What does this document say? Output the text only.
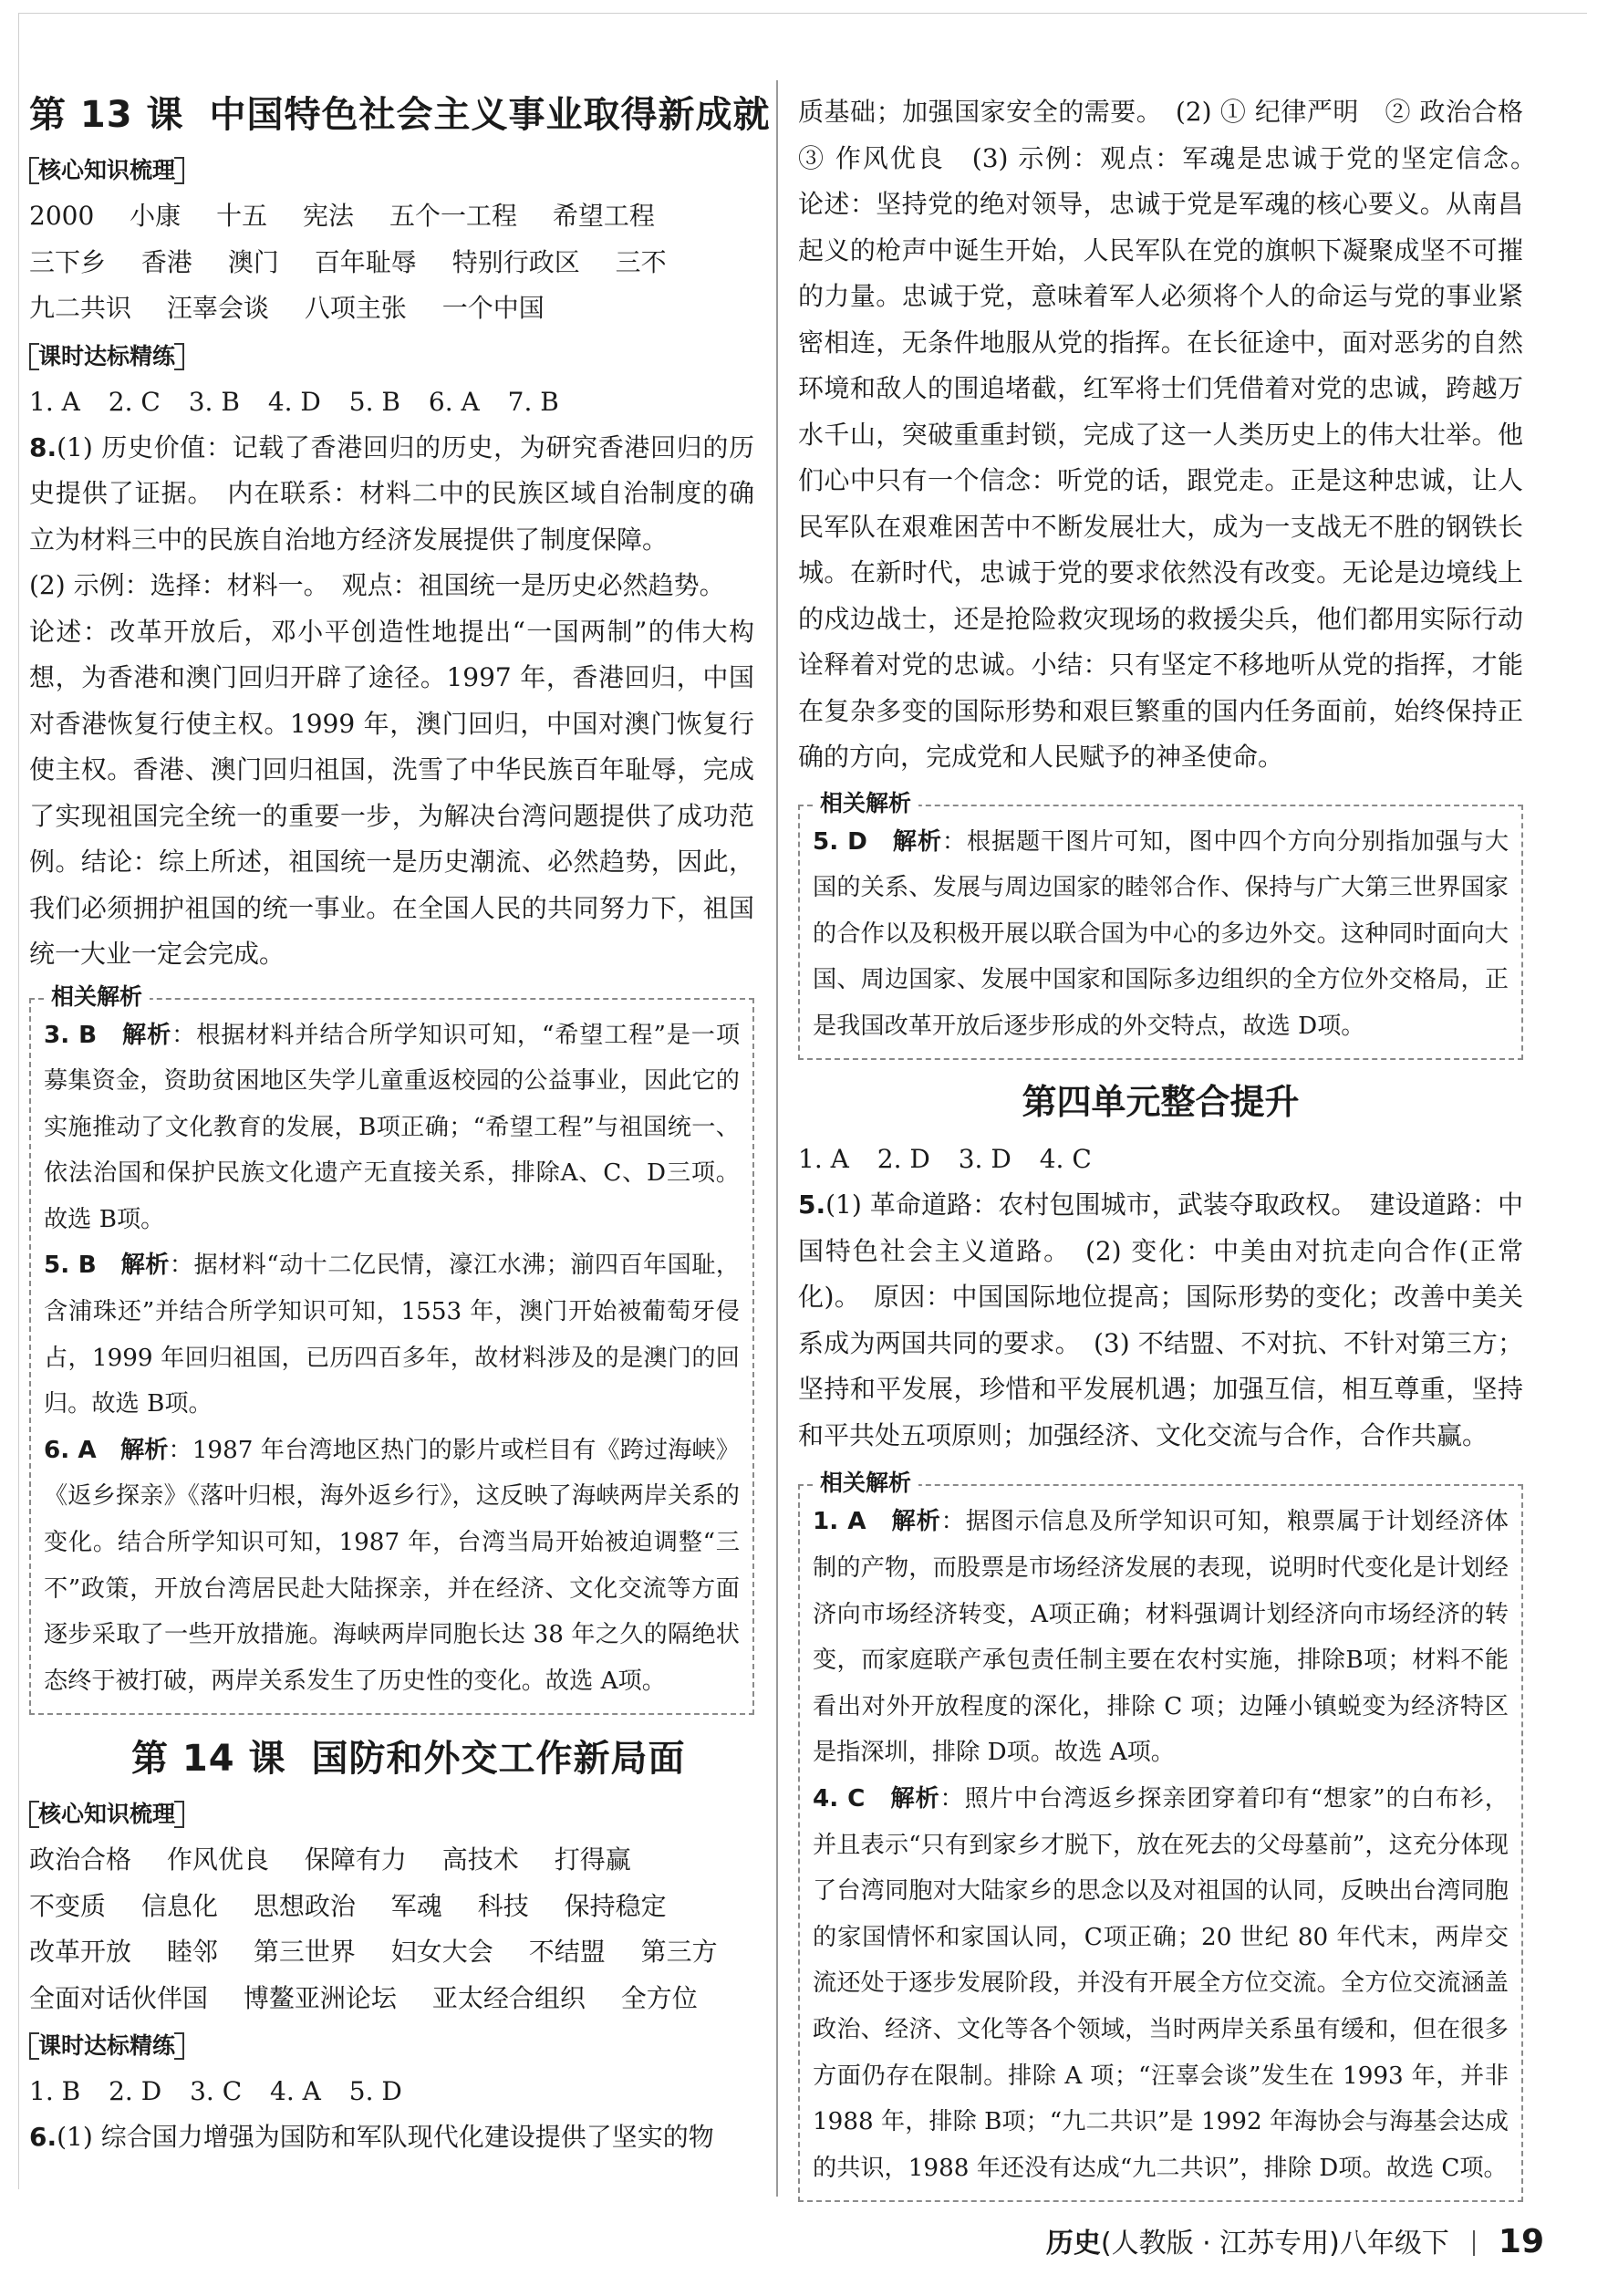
第 13 课 中国特色社会主义事业取得新成就
核心知识梳理
2000 小康 十五 宪法 五个一工程 希望工程 三下乡 香港 澳门 百年耻辱 特别行政区 三不 九二共识 汪辜会谈 八项主张 一个中国
课时达标精练
1. A 2. C 3. B 4. D 5. B 6. A 7. B

8.(1) 历史价值：记载了香港回归的历史，为研究香港回归的历史提供了证据。　内在联系：材料二中的民族区域自治制度的确立为材料三中的民族自治地方经济发展提供了制度保障。

(2) 示例：选择：材料一。　观点：祖国统一是历史必然趋势。

论述：改革开放后，邓小平创造性地提出“一国两制”的伟大构想，为香港和澳门回归开辟了途径。1997 年，香港回归，中国对香港恢复行使主权。1999 年，澳门回归，中国对澳门恢复行使主权。香港、澳门回归祖国，洗雪了中华民族百年耻辱，完成了实现祖国完全统一的重要一步，为解决台湾问题提供了成功范例。结论：综上所述，祖国统一是历史潮流、必然趋势，因此，我们必须拥护祖国的统一事业。在全国人民的共同努力下，祖国统一大业一定会完成。

相关解析

3. B　解析：根据材料并结合所学知识可知，“希望工程”是一项募集资金，资助贫困地区失学儿童重返校园的公益事业，因此它的实施推动了文化教育的发展，B项正确；“希望工程”与祖国统一、依法治国和保护民族文化遗产无直接关系，排除A、C、D三项。故选 B项。

5. B　解析：据材料“动十二亿民情，濠江水沸；湔四百年国耻，含浦珠还”并结合所学知识可知，1553 年，澳门开始被葡萄牙侵占，1999 年回归祖国，已历四百多年，故材料涉及的是澳门的回归。故选 B项。

6. A　解析：1987 年台湾地区热门的影片或栏目有《跨过海峡》《返乡探亲》《落叶归根，海外返乡行》，这反映了海峡两岸关系的变化。结合所学知识可知，1987 年，台湾当局开始被迫调整“三不”政策，开放台湾居民赴大陆探亲，并在经济、文化交流等方面逐步采取了一些开放措施。海峡两岸同胞长达 38 年之久的隔绝状态终于被打破，两岸关系发生了历史性的变化。故选 A项。

第 14 课 国防和外交工作新局面
核心知识梳理
政治合格 作风优良 保障有力 高技术 打得赢 不变质 信息化 思想政治 军魂 科技 保持稳定 改革开放 睦邻 第三世界 妇女大会 不结盟 第三方 全面对话伙伴国 博鳌亚洲论坛 亚太经合组织 全方位
课时达标精练
1. B 2. D 3. C 4. A 5. D

6.(1) 综合国力增强为国防和军队现代化建设提供了坚实的物

质基础；加强国家安全的需要。　(2) ① 纪律严明　② 政治合格　③ 作风优良　(3) 示例：观点：军魂是忠诚于党的坚定信念。　论述：坚持党的绝对领导，忠诚于党是军魂的核心要义。从南昌起义的枪声中诞生开始，人民军队在党的旗帜下凝聚成坚不可摧的力量。忠诚于党，意味着军人必须将个人的命运与党的事业紧密相连，无条件地服从党的指挥。在长征途中，面对恶劣的自然环境和敌人的围追堵截，红军将士们凭借着对党的忠诚，跨越万水千山，突破重重封锁，完成了这一人类历史上的伟大壮举。他们心中只有一个信念：听党的话，跟党走。正是这种忠诚，让人民军队在艰难困苦中不断发展壮大，成为一支战无不胜的钢铁长城。在新时代，忠诚于党的要求依然没有改变。无论是边境线上的戍边战士，还是抢险救灾现场的救援尖兵，他们都用实际行动诠释着对党的忠诚。小结：只有坚定不移地听从党的指挥，才能在复杂多变的国际形势和艰巨繁重的国内任务面前，始终保持正确的方向，完成党和人民赋予的神圣使命。

相关解析

5. D　解析：根据题干图片可知，图中四个方向分别指加强与大国的关系、发展与周边国家的睦邻合作、保持与广大第三世界国家的合作以及积极开展以联合国为中心的多边外交。这种同时面向大国、周边国家、发展中国家和国际多边组织的全方位外交格局，正是我国改革开放后逐步形成的外交特点，故选 D项。

第四单元整合提升
1. A 2. D 3. D 4. C

5.(1) 革命道路：农村包围城市，武装夺取政权。　建设道路：中国特色社会主义道路。　(2) 变化：中美由对抗走向合作(正常化)。　原因：中国国际地位提高；国际形势的变化；改善中美关系成为两国共同的要求。　(3) 不结盟、不对抗、不针对第三方；坚持和平发展，珍惜和平发展机遇；加强互信，相互尊重，坚持和平共处五项原则；加强经济、文化交流与合作，合作共赢。

相关解析

1. A　解析：据图示信息及所学知识可知，粮票属于计划经济体制的产物，而股票是市场经济发展的表现，说明时代变化是计划经济向市场经济转变，A项正确；材料强调计划经济向市场经济的转变，而家庭联产承包责任制主要在农村实施，排除B项；材料不能看出对外开放程度的深化，排除 C 项；边陲小镇蜕变为经济特区是指深圳，排除 D项。故选 A项。

4. C　解析：照片中台湾返乡探亲团穿着印有“想家”的白布衫，并且表示“只有到家乡才脱下，放在死去的父母墓前”，这充分体现了台湾同胞对大陆家乡的思念以及对祖国的认同，反映出台湾同胞的家国情怀和家国认同，C项正确；20 世纪 80 年代末，两岸交流还处于逐步发展阶段，并没有开展全方位交流。全方位交流涵盖政治、经济、文化等各个领域，当时两岸关系虽有缓和，但在很多方面仍存在限制。排除 A 项；“汪辜会谈”发生在 1993 年，并非 1988 年，排除 B项；“九二共识”是 1992 年海协会与海基会达成的共识，1988 年还没有达成“九二共识”，排除 D项。故选 C项。

历史(人教版 · 江苏专用)八年级下 19
